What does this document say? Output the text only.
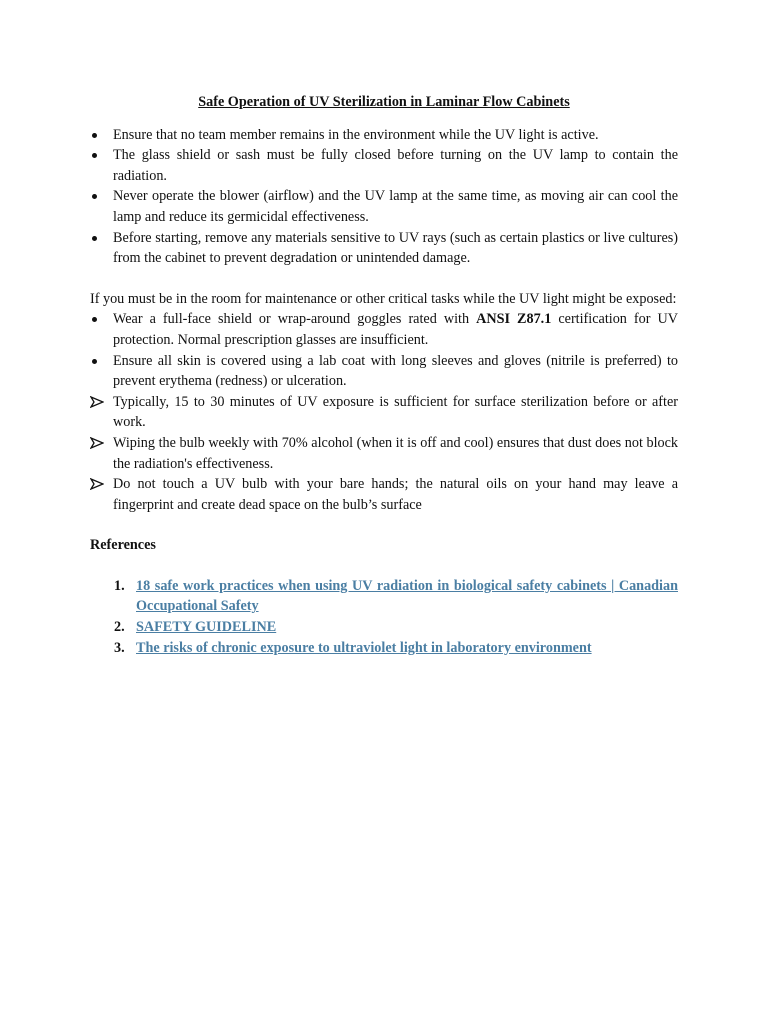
Safe Operation of UV Sterilization in Laminar Flow Cabinets
Ensure that no team member remains in the environment while the UV light is active.
The glass shield or sash must be fully closed before turning on the UV lamp to contain the radiation.
Never operate the blower (airflow) and the UV lamp at the same time, as moving air can cool the lamp and reduce its germicidal effectiveness.
Before starting, remove any materials sensitive to UV rays (such as certain plastics or live cultures) from the cabinet to prevent degradation or unintended damage.

If you must be in the room for maintenance or other critical tasks while the UV light might be exposed:

Wear a full-face shield or wrap-around goggles rated with ANSI Z87.1 certification for UV protection. Normal prescription glasses are insufficient.
Ensure all skin is covered using a lab coat with long sleeves and gloves (nitrile is preferred) to prevent erythema (redness) or ulceration.
Typically, 15 to 30 minutes of UV exposure is sufficient for surface sterilization before or after work.
Wiping the bulb weekly with 70% alcohol (when it is off and cool) ensures that dust does not block the radiation's effectiveness.
Do not touch a UV bulb with your bare hands; the natural oils on your hand may leave a fingerprint and create dead space on the bulb’s surface
References
1. 18 safe work practices when using UV radiation in biological safety cabinets | Canadian Occupational Safety
2. SAFETY GUIDELINE
3. The risks of chronic exposure to ultraviolet light in laboratory environment
